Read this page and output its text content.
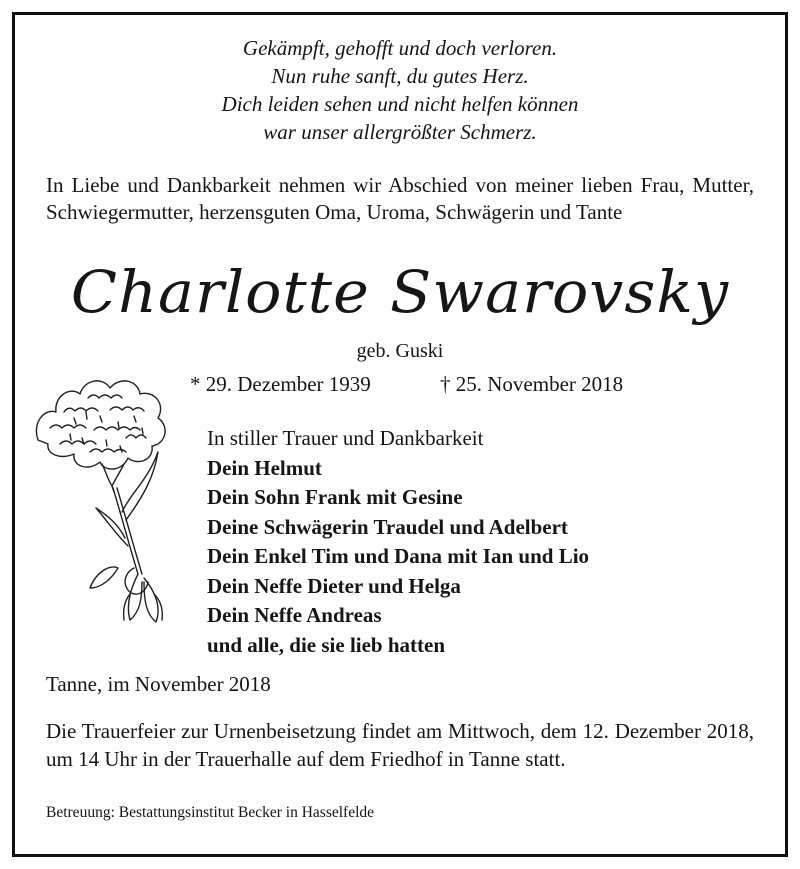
Gekämpft, gehofft und doch verloren.
Nun ruhe sanft, du gutes Herz.
Dich leiden sehen und nicht helfen können
war unser allergrößter Schmerz.
In Liebe und Dankbarkeit nehmen wir Abschied von meiner lieben Frau, Mutter, Schwiegermutter, herzensguten Oma, Uroma, Schwägerin und Tante
Charlotte Swarovsky
geb. Guski
* 29. Dezember 1939	† 25. November 2018
In stiller Trauer und Dankbarkeit
Dein Helmut
Dein Sohn Frank mit Gesine
Deine Schwägerin Traudel und Adelbert
Dein Enkel Tim und Dana mit Ian und Lio
Dein Neffe Dieter und Helga
Dein Neffe Andreas
und alle, die sie lieb hatten
Tanne, im November 2018
Die Trauerfeier zur Urnenbeisetzung findet am Mittwoch, dem 12. Dezember 2018, um 14 Uhr in der Trauerhalle auf dem Friedhof in Tanne statt.
Betreuung: Bestattungsinstitut Becker in Hasselfelde
